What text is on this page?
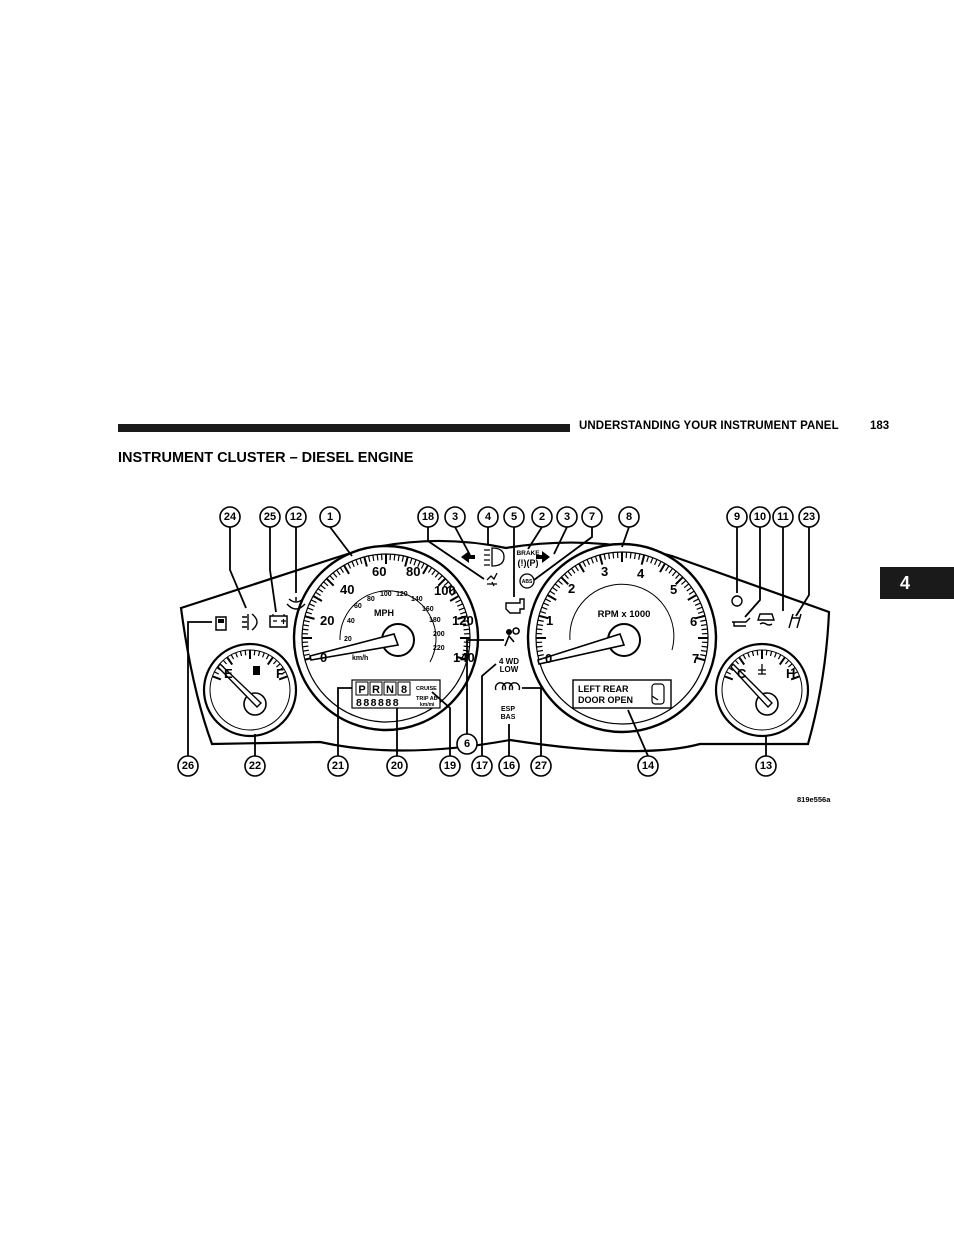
UNDERSTANDING YOUR INSTRUMENT PANEL	183
INSTRUMENT CLUSTER – DIESEL ENGINE
4
0
20
40
60 80
100
120
140
20
40
60
80
100 120
140
160
180
200
220
MPH
km/h
P R N 8
888888
CRUISE
TRIP AB
km/mi
0
1
2
3 4
5
6
7
RPM x 1000
LEFT REAR
DOOR OPEN
E	F	C	H
BRAKE
(!)(P)
ABS
4 WD
LOW
ESP
BAS
24	25 12 1	18 3 4 5 2 3 7	8	9 10 11 23
26	22	21	20	19 17 16 27	14	13
6
819e556a
